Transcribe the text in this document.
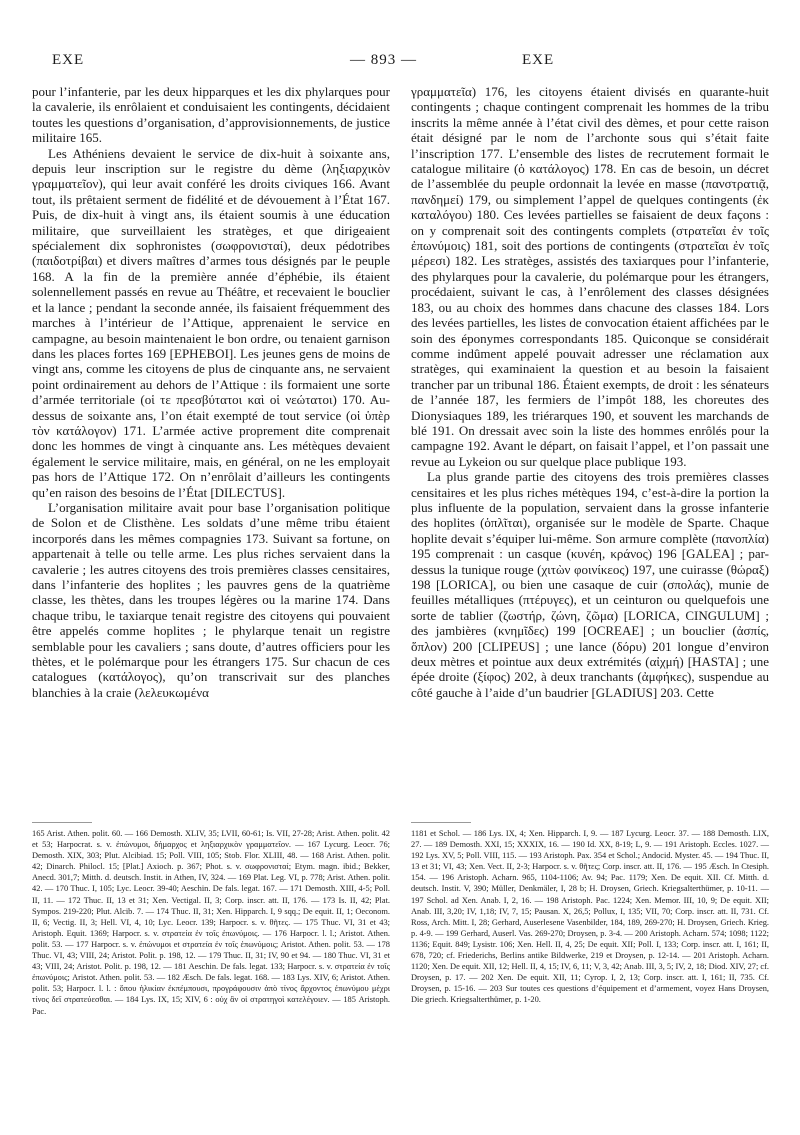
EXE	— 893 —	EXE

pour l’infanterie, par les deux hipparques et les dix phylarques pour la cavalerie, ils enrôlaient et conduisaient les contingents, décidaient toutes les questions d’organisation, d’approvisionnements, de justice militaire 165.

Les Athéniens devaient le service de dix-huit à soixante ans, depuis leur inscription sur le registre du dème (ληξιαρχικὸν γραμματεῖον), qui leur avait conféré les droits civiques 166. Avant tout, ils prêtaient serment de fidélité et de dévouement à l’État 167. Puis, de dix-huit à vingt ans, ils étaient soumis à une éducation militaire, que surveillaient les stratèges, et que dirigeaient spécialement dix sophronistes (σωφρονισταί), deux pédotribes (παιδοτρίβαι) et divers maîtres d’armes tous désignés par le peuple 168. A la fin de la première année d’éphébie, ils étaient solennellement passés en revue au Théâtre, et recevaient le bouclier et la lance ; pendant la seconde année, ils faisaient fréquemment des marches à l’intérieur de l’Attique, apprenaient le service en campagne, au besoin maintenaient le bon ordre, ou tenaient garnison dans les places fortes 169 [EPHEBOI]. Les jeunes gens de moins de vingt ans, comme les citoyens de plus de cinquante ans, ne servaient point ordinairement au dehors de l’Attique : ils formaient une sorte d’armée territoriale (οἱ τε πρεσβύτατοι καὶ οἱ νεώτατοι) 170. Au-dessus de soixante ans, l’on était exempté de tout service (οἱ ὑπὲρ τὸν κατάλογον) 171. L’armée active proprement dite comprenait donc les hommes de vingt à cinquante ans. Les métèques devaient également le service militaire, mais, en général, on ne les employait pas hors de l’Attique 172. On n’enrôlait d’ailleurs les contingents qu’en raison des besoins de l’État [DILECTUS].

L’organisation militaire avait pour base l’organisation politique de Solon et de Clisthène. Les soldats d’une même tribu étaient incorporés dans les mêmes compagnies 173. Suivant sa fortune, on appartenait à telle ou telle arme. Les plus riches servaient dans la cavalerie ; les autres citoyens des trois premières classes censitaires, dans l’infanterie des hoplites ; les pauvres gens de la quatrième classe, les thètes, dans les troupes légères ou la marine 174. Dans chaque tribu, le taxiarque tenait registre des citoyens qui pouvaient être appelés comme hoplites ; le phylarque tenait un registre semblable pour les cavaliers ; sans doute, d’autres officiers pour les thètes, et le polémarque pour les étrangers 175. Sur chacun de ces catalogues (κατάλογος), qu’on transcrivait sur des planches blanchies à la craie (λελευκωμένα

γραμματεῖα) 176, les citoyens étaient divisés en quarante-huit contingents ; chaque contingent comprenait les hommes de la tribu inscrits la même année à l’état civil des dèmes, et pour cette raison était désigné par le nom de l’archonte sous qui s’était faite l’inscription 177. L’ensemble des listes de recrutement formait le catalogue militaire (ὁ κατάλογος) 178. En cas de besoin, un décret de l’assemblée du peuple ordonnait la levée en masse (πανστρατιᾷ, πανδημεί) 179, ou simplement l’appel de quelques contingents (ἐκ καταλόγου) 180. Ces levées partielles se faisaient de deux façons : on y comprenait soit des contingents complets (στρατεῖαι ἐν τοῖς ἐπωνύμοις) 181, soit des portions de contingents (στρατεῖαι ἐν τοῖς μέρεσι) 182. Les stratèges, assistés des taxiarques pour l’infanterie, des phylarques pour la cavalerie, du polémarque pour les étrangers, procédaient, suivant le cas, à l’enrôlement des classes désignées 183, ou au choix des hommes dans chacune des classes 184. Lors des levées partielles, les listes de convocation étaient affichées par le soin des éponymes correspondants 185. Quiconque se considérait comme indûment appelé pouvait adresser une réclamation aux stratèges, qui examinaient la question et au besoin la faisaient trancher par un tribunal 186. Étaient exempts, de droit : les sénateurs de l’année 187, les fermiers de l’impôt 188, les choreutes des Dionysiaques 189, les triérarques 190, et souvent les marchands de blé 191. On dressait avec soin la liste des hommes enrôlés pour la campagne 192. Avant le départ, on faisait l’appel, et l’on passait une revue au Lykeion ou sur quelque place publique 193.

La plus grande partie des citoyens des trois premières classes censitaires et les plus riches métèques 194, c’est-à-dire la portion la plus influente de la population, servaient dans la grosse infanterie des hoplites (ὁπλῖται), organisée sur le modèle de Sparte. Chaque hoplite devait s’équiper lui-même. Son armure complète (πανοπλία) 195 comprenait : un casque (κυνέη, κράνος) 196 [GALEA] ; par-dessus la tunique rouge (χιτὼν φοινίκεος) 197, une cuirasse (θώραξ) 198 [LORICA], ou bien une casaque de cuir (σπολάς), munie de feuilles métalliques (πτέρυγες), et un ceinturon ou quelquefois une sorte de tablier (ζωστήρ, ζώνη, ζῶμα) [LORICA, CINGULUM] ; des jambières (κνημῖδες) 199 [OCREAE] ; un bouclier (ἀσπίς, ὅπλον) 200 [CLIPEUS] ; une lance (δόρυ) 201 longue d’environ deux mètres et pointue aux deux extrémités (αἰχμή) [HASTA] ; une épée droite (ξίφος) 202, à deux tranchants (ἀμφήκες), suspendue au côté gauche à l’aide d’un baudrier [GLADIUS] 203. Cette

165 Arist. Athen. polit. 60. — 166 Demosth. XLIV, 35; LVII, 60-61; Is. VII, 27-28; Arist. Athen. polit. 42 et 53; Harpocrat. s. v. ἐπώνυμοι, δήμαρχος et ληξιαρχικὸν γραμματεῖον. — 167 Lycurg. Leocr. 76; Demosth. XIX, 303; Plut. Alcibiad. 15; Poll. VIII, 105; Stob. Flor. XLIII, 48. — 168 Arist. Athen. polit. 42; Dinarch. Philocl. 15; [Plat.] Axioch. p. 367; Phot. s. v. σωφρονισταί; Etym. magn. ibid.; Bekker, Anecd. 301,7; Mitth. d. deutsch. Instit. in Athen, IV, 324. — 169 Plat. Leg. VI, p. 778; Arist. Athen. polit. 42. — 170 Thuc. I, 105; Lyc. Leocr. 39-40; Aeschin. De fals. legat. 167. — 171 Demosth. XIII, 4-5; Poll. II, 11. — 172 Thuc. II, 13 et 31; Xen. Vectigal. II, 3; Corp. inscr. att. II, 176. — 173 Is. II, 42; Plat. Sympos. 219-220; Plut. Alcib. 7. — 174 Thuc. II, 31; Xen. Hipparch. I, 9 sqq.; De equit. II, 1; Oeconom. II, 6; Vectig. II, 3; Hell. VI, 4, 10; Lyc. Leocr. 139; Harpocr. s. v. θῆτες. — 175 Thuc. VI, 31 et 43; Aristoph. Equit. 1369; Harpocr. s. v. στρατεία ἐν τοῖς ἐπωνύμοις. — 176 Harpocr. l. l.; Aristot. Athen. polit. 53. — 177 Harpocr. s. v. ἐπώνυμοι et στρατεία ἐν τοῖς ἐπωνύμοις; Aristot. Athen. polit. 53. — 178 Thuc. VI, 43; VIII, 24; Aristot. Polit. p. 198, 12. — 179 Thuc. II, 31; IV, 90 et 94. — 180 Thuc. VI, 31 et 43; VIII, 24; Aristot. Polit. p. 198, 12. — 181 Aeschin. De fals. legat. 133; Harpocr. s. v. στρατεία ἐν τοῖς ἐπωνύμοις; Aristot. Athen. polit. 53. — 182 Æsch. De fals. legat. 168. — 183 Lys. XIV, 6; Aristot. Athen. polit. 53; Harpocr. l. l. : ὅπου ἡλικίαν ἐκπέμπουσι, προγράφουσιν ἀπὸ τίνος ἄρχοντος ἐπωνύμου μέχρι τίνος δεῖ στρατεύεσθαι. — 184 Lys. IX, 15; XIV, 6 : οὐχ ἂν οἱ στρατηγοὶ κατελέγοιεν. — 185 Aristoph. Pac.
1181 et Schol. — 186 Lys. IX, 4; Xen. Hipparch. I, 9. — 187 Lycurg. Leocr. 37. — 188 Demosth. LIX, 27. — 189 Demosth. XXI, 15; XXXIX, 16. — 190 Id. XX, 8-19; L, 9. — 191 Aristoph. Eccles. 1027. — 192 Lys. XV, 5; Poll. VIII, 115. — 193 Aristoph. Pax. 354 et Schol.; Andocid. Myster. 45. — 194 Thuc. II, 13 et 31; VI, 43; Xen. Vect. II, 2-3; Harpocr. s. v. θῆτες; Corp. inscr. att. II, 176. — 195 Æsch. In Ctesiph. 154. — 196 Aristoph. Acharn. 965, 1104-1106; Av. 94; Pac. 1179; Xen. De equit. XII. Cf. Mitth. d. deutsch. Instit. V, 390; Müller, Denkmäler, I, 28 b; H. Droysen, Griech. Kriegsalterthümer, p. 10-11. — 197 Schol. ad Xen. Anab. I, 2, 16. — 198 Aristoph. Pac. 1224; Xen. Memor. III, 10, 9; De equit. XII; Anab. III, 3,20; IV, 1,18; IV, 7, 15; Pausan. X, 26,5; Pollux, I, 135; VII, 70; Corp. inscr. att. II, 731. Cf. Ross, Arch. Mitt. I, 28; Gerhard, Auserlesene Vasenbilder, 184, 189, 269-270; H. Droysen, Griech. Krieg. p. 4-9. — 199 Gerhard, Auserl. Vas. 269-270; Droysen, p. 3-4. — 200 Aristoph. Acharn. 574; 1098; 1122; 1136; Equit. 849; Lysistr. 106; Xen. Hell. II, 4, 25; De equit. XII; Poll. I, 133; Corp. inscr. att. I, 161; II, 678, 720; cf. Friederichs, Berlins antike Bildwerke, 219 et Droysen, p. 12-14. — 201 Aristoph. Acharn. 1120; Xen. De equit. XII, 12; Hell. II, 4, 15; IV, 6, 11; V, 3, 42; Anab. III, 3, 5; IV, 2, 18; Diod. XIV, 27; cf. Droysen, p. 17. — 202 Xen. De equit. XII, 11; Cyrop. I, 2, 13; Corp. inscr. att. I, 161; II, 735. Cf. Droysen, p. 15-16. — 203 Sur toutes ces questions d’équipement et d’armement, voyez Hans Droysen, Die griech. Kriegsalterthümer, p. 1-20.
